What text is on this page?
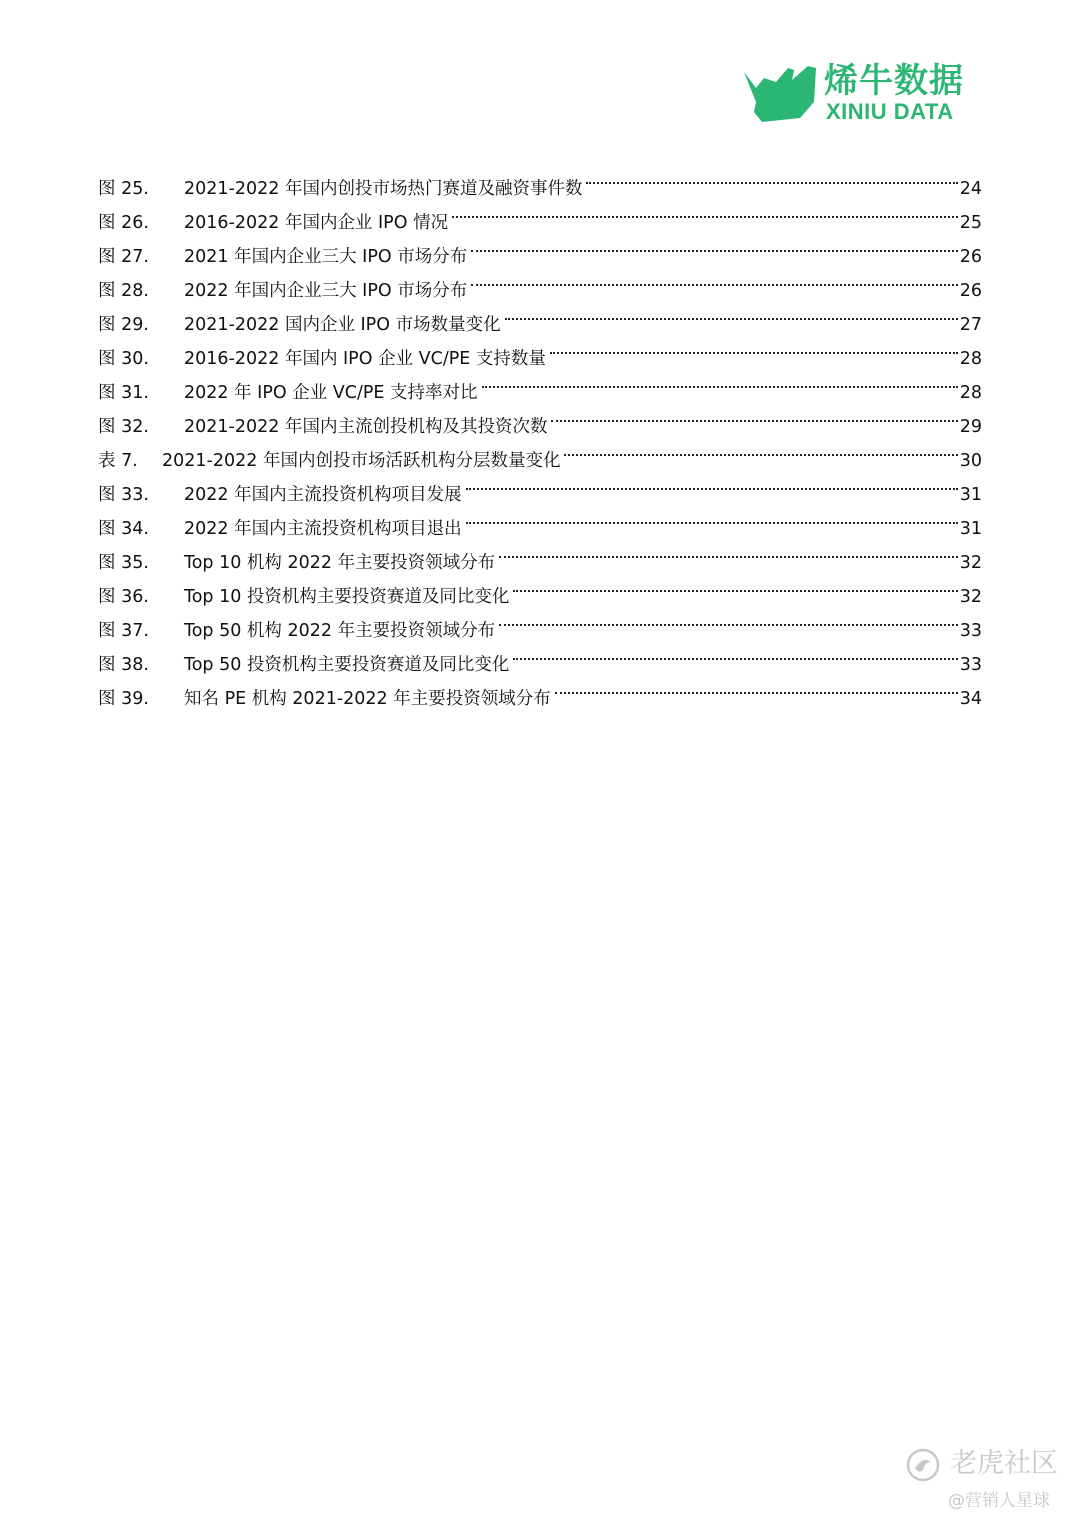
烯牛数据
XINIU DATA
图 25.	2021-2022 年国内创投市场热门赛道及融资事件数	24
图 26.	2016-2022 年国内企业 IPO 情况	25
图 27.	2021 年国内企业三大 IPO 市场分布	26
图 28.	2022 年国内企业三大 IPO 市场分布	26
图 29.	2021-2022 国内企业 IPO 市场数量变化	27
图 30.	2016-2022 年国内 IPO 企业 VC/PE 支持数量	28
图 31.	2022 年 IPO 企业 VC/PE 支持率对比	28
图 32.	2021-2022 年国内主流创投机构及其投资次数	29
表 7.	2021-2022 年国内创投市场活跃机构分层数量变化	30
图 33.	2022 年国内主流投资机构项目发展	31
图 34.	2022 年国内主流投资机构项目退出	31
图 35.	Top 10 机构 2022 年主要投资领域分布	32
图 36.	Top 10 投资机构主要投资赛道及同比变化	32
图 37.	Top 50 机构 2022 年主要投资领域分布	33
图 38.	Top 50 投资机构主要投资赛道及同比变化	33
图 39.	知名 PE 机构 2021-2022 年主要投资领域分布	34
老虎社区
@营销人星球
